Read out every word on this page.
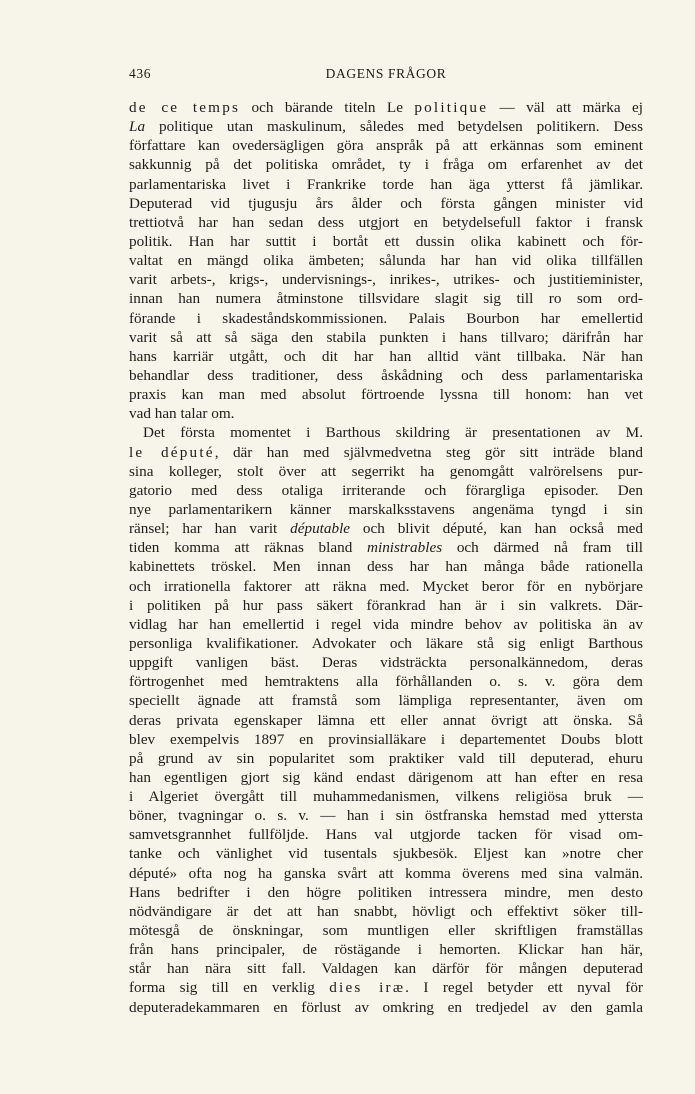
436	DAGENS FRÅGOR
de ce temps och bärande titeln Le politique — väl att märka ej
La politique utan maskulinum, således med betydelsen politikern. Dess
författare kan ovedersägligen göra anspråk på att erkännas som eminent
sakkunnig på det politiska området, ty i fråga om erfarenhet av det
parlamentariska livet i Frankrike torde han äga ytterst få jämlikar.
Deputerad vid tjugusju års ålder och första gången minister vid
trettiotvå har han sedan dess utgjort en betydelsefull faktor i fransk
politik. Han har suttit i bortåt ett dussin olika kabinett och för-
valtat en mängd olika ämbeten; sålunda har han vid olika tillfällen
varit arbets-, krigs-, undervisnings-, inrikes-, utrikes- och justitieminister,
innan han numera åtminstone tillsvidare slagit sig till ro som ord-
förande i skadeståndskommissionen. Palais Bourbon har emellertid
varit så att så säga den stabila punkten i hans tillvaro; därifrån har
hans karriär utgått, och dit har han alltid vänt tillbaka. När han
behandlar dess traditioner, dess åskådning och dess parlamentariska
praxis kan man med absolut förtroende lyssna till honom: han vet
vad han talar om.
Det första momentet i Barthous skildring är presentationen av M.
le député, där han med självmedvetna steg gör sitt inträde bland
sina kolleger, stolt över att segerrikt ha genomgått valrörelsens pur-
gatorio med dess otaliga irriterande och förargliga episoder. Den
nye parlamentarikern känner marskalksstavens angenäma tyngd i sin
ränsel; har han varit députable och blivit député, kan han också med
tiden komma att räknas bland ministrables och därmed nå fram till
kabinettets tröskel. Men innan dess har han många både rationella
och irrationella faktorer att räkna med. Mycket beror för en nybörjare
i politiken på hur pass säkert förankrad han är i sin valkrets. Där-
vidlag har han emellertid i regel vida mindre behov av politiska än av
personliga kvalifikationer. Advokater och läkare stå sig enligt Barthous
uppgift vanligen bäst. Deras vidsträckta personalkännedom, deras
förtrogenhet med hemtraktens alla förhållanden o. s. v. göra dem
speciellt ägnade att framstå som lämpliga representanter, även om
deras privata egenskaper lämna ett eller annat övrigt att önska. Så
blev exempelvis 1897 en provinsialläkare i departementet Doubs blott
på grund av sin popularitet som praktiker vald till deputerad, ehuru
han egentligen gjort sig känd endast därigenom att han efter en resa
i Algeriet övergått till muhammedanismen, vilkens religiösa bruk —
böner, tvagningar o. s. v. — han i sin östfranska hemstad med yttersta
samvetsgrannhet fullföljde. Hans val utgjorde tacken för visad om-
tanke och vänlighet vid tusentals sjukbesök. Eljest kan »notre cher
député» ofta nog ha ganska svårt att komma överens med sina valmän.
Hans bedrifter i den högre politiken intressera mindre, men desto
nödvändigare är det att han snabbt, hövligt och effektivt söker till-
mötesgå de önskningar, som muntligen eller skriftligen framställas
från hans principaler, de röstägande i hemorten. Klickar han här,
står han nära sitt fall. Valdagen kan därför för mången deputerad
forma sig till en verklig dies iræ. I regel betyder ett nyval för
deputeradekammaren en förlust av omkring en tredjedel av den gamla
